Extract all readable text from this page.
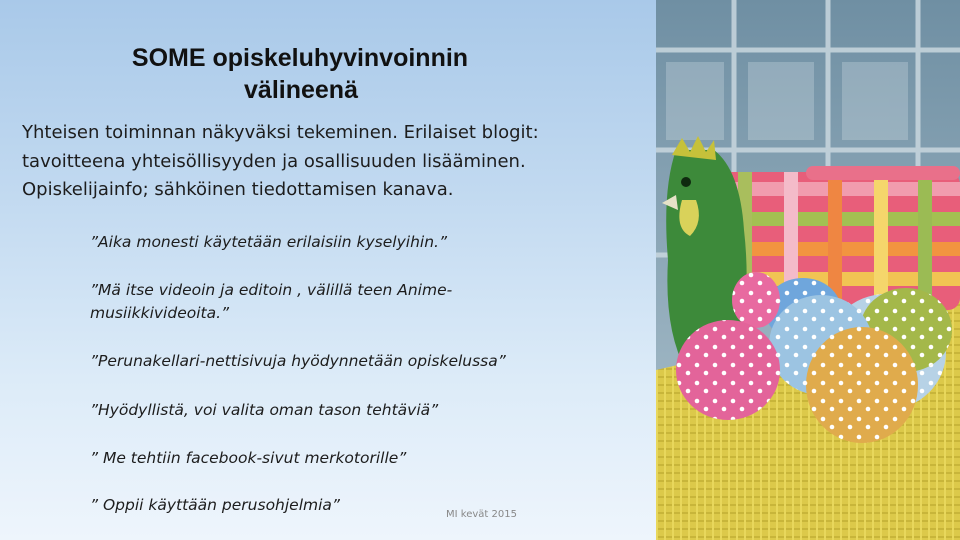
SOME opiskeluhyvinvoinnin
välineenä
Yhteisen toiminnan näkyväksi tekeminen. Erilaiset blogit:
tavoitteena yhteisöllisyyden ja osallisuuden lisääminen.
Opiskelijainfo; sähköinen tiedottamisen kanava.
”Aika monesti käytetään erilaisiin kyselyihin.”
”Mä itse videoin ja editoin , välillä teen Anime-
musiikkivideoita.”
”Perunakellari-nettisivuja hyödynnetään opiskelussa”
”Hyödyllistä, voi valita oman tason tehtäviä”
” Me tehtiin facebook-sivut merkotorille”
” Oppii käyttään perusohjelmia”
MI kevät 2015
